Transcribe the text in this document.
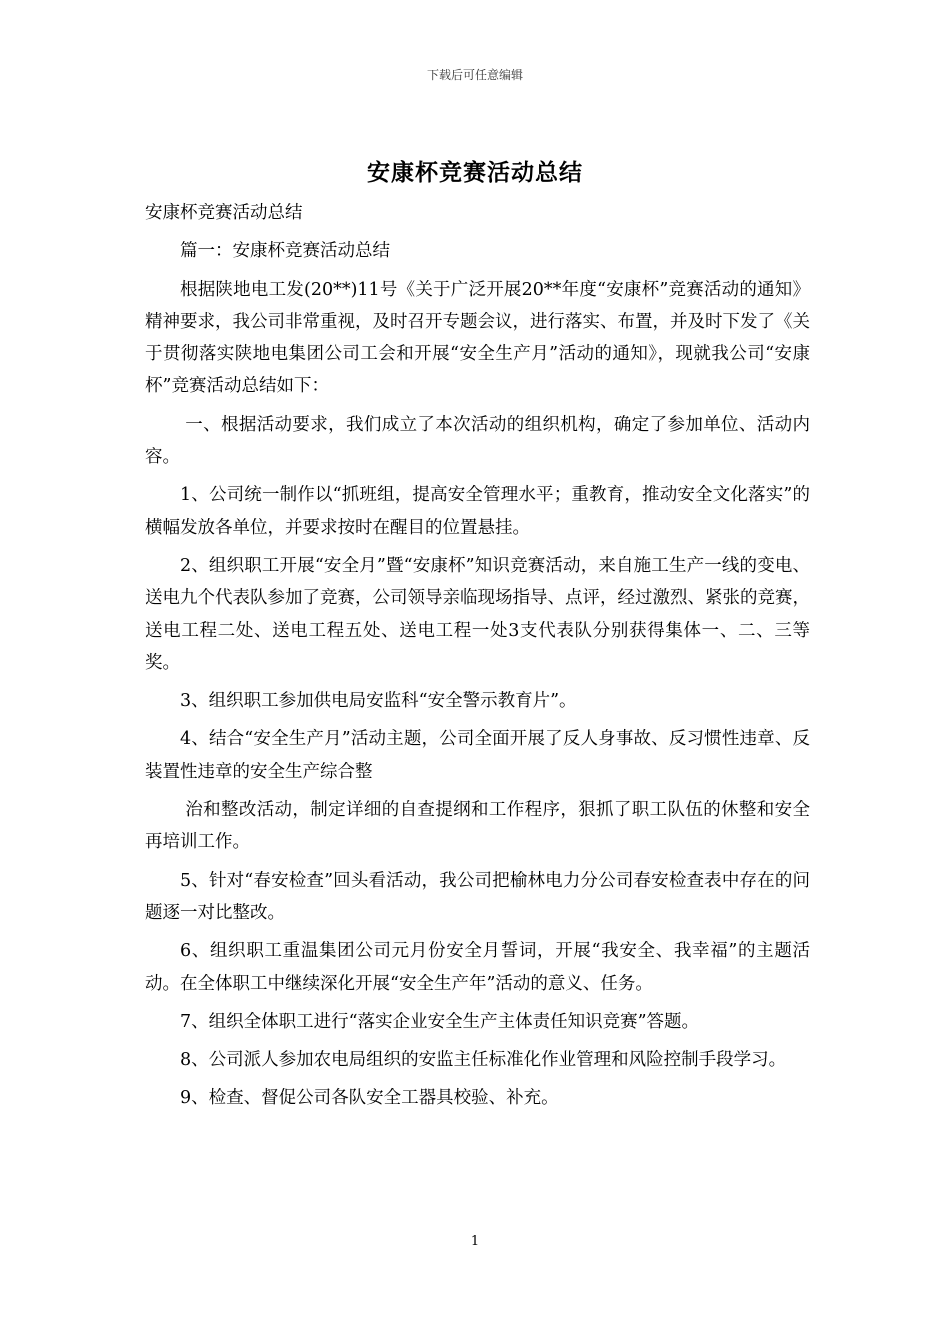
下载后可任意编辑
安康杯竞赛活动总结

安康杯竞赛活动总结

篇一：安康杯竞赛活动总结

根据陕地电工发(20**)11号《关于广泛开展20**年度“安康杯”竞赛活动的通知》精神要求，我公司非常重视，及时召开专题会议，进行落实、布置，并及时下发了《关于贯彻落实陕地电集团公司工会和开展“安全生产月”活动的通知》，现就我公司“安康杯”竞赛活动总结如下：

一、根据活动要求，我们成立了本次活动的组织机构，确定了参加单位、活动内容。

1、公司统一制作以“抓班组，提高安全管理水平；重教育，推动安全文化落实”的横幅发放各单位，并要求按时在醒目的位置悬挂。

2、组织职工开展“安全月”暨“安康杯”知识竞赛活动，来自施工生产一线的变电、送电九个代表队参加了竞赛，公司领导亲临现场指导、点评，经过激烈、紧张的竞赛，送电工程二处、送电工程五处、送电工程一处3支代表队分别获得集体一、二、三等奖。

3、组织职工参加供电局安监科“安全警示教育片”。

4、结合“安全生产月”活动主题，公司全面开展了反人身事故、反习惯性违章、反装置性违章的安全生产综合整

治和整改活动，制定详细的自查提纲和工作程序，狠抓了职工队伍的休整和安全再培训工作。

5、针对“春安检查”回头看活动，我公司把榆林电力分公司春安检查表中存在的问题逐一对比整改。

6、组织职工重温集团公司元月份安全月誓词，开展“我安全、我幸福”的主题活动。在全体职工中继续深化开展“安全生产年”活动的意义、任务。

7、组织全体职工进行“落实企业安全生产主体责任知识竞赛”答题。

8、公司派人参加农电局组织的安监主任标准化作业管理和风险控制手段学习。

9、检查、督促公司各队安全工器具校验、补充。

1
